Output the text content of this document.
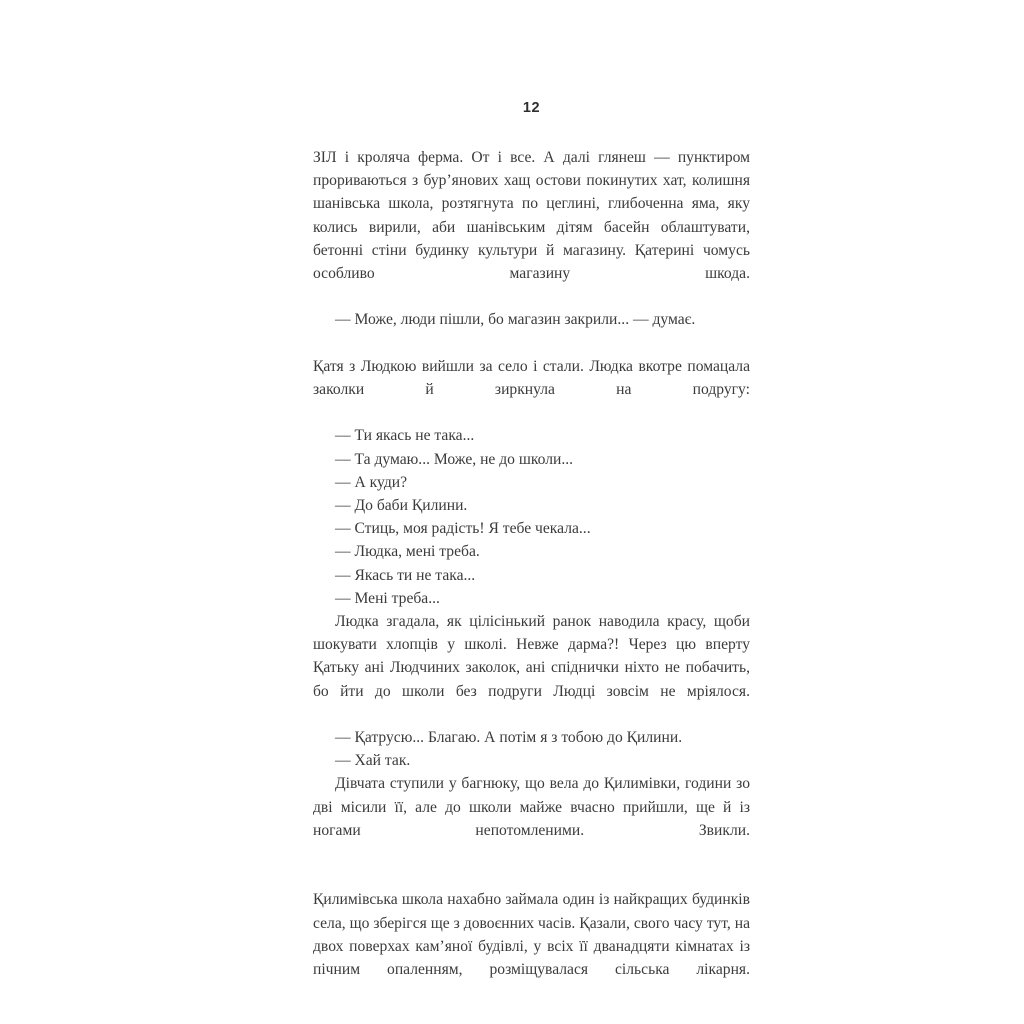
12

ЗІЛ і кроляча ферма. От і все. А далі глянеш — пунктиром прориваються з бур’янових хащ остови покинутих хат, колишня шанівська школа, розтягнута по цеглині, глибоченна яма, яку колись вирили, аби шанівським дітям басейн облаштувати, бетонні стіни будинку культури й магазину. Қатерині чомусь особливо магазину шкода.

— Може, люди пішли, бо магазин закрили... — думає.

Қатя з Людкою вийшли за село і стали. Людка вкотре помацала заколки й зиркнула на подругу:

— Ти якась не така...

— Та думаю... Може, не до школи...

— А куди?

— До баби Қилини.

— Стиць, моя радість! Я тебе чекала...

— Людка, мені треба.

— Якась ти не така...

— Мені треба...

Людка згадала, як цілісінький ранок наводила красу, щоби шокувати хлопців у школі. Невже дарма?! Через цю вперту Қатьку ані Людчиних заколок, ані спіднички ніхто не побачить, бо йти до школи без подруги Людці зовсім не мріялося.

— Қатрусю... Благаю. А потім я з тобою до Қилини.

— Хай так.

Дівчата ступили у багнюку, що вела до Қилимівки, години зо дві місили її, але до школи майже вчасно прийшли, ще й із ногами непотомленими. Звикли.

Қилимівська школа нахабно займала один із найкращих будинків села, що зберігся ще з довоєнних часів. Қазали, свого часу тут, на двох поверхах кам’яної будівлі, у всіх її дванадцяти кімнатах із пічним опаленням, розміщувалася сільська лікарня.
